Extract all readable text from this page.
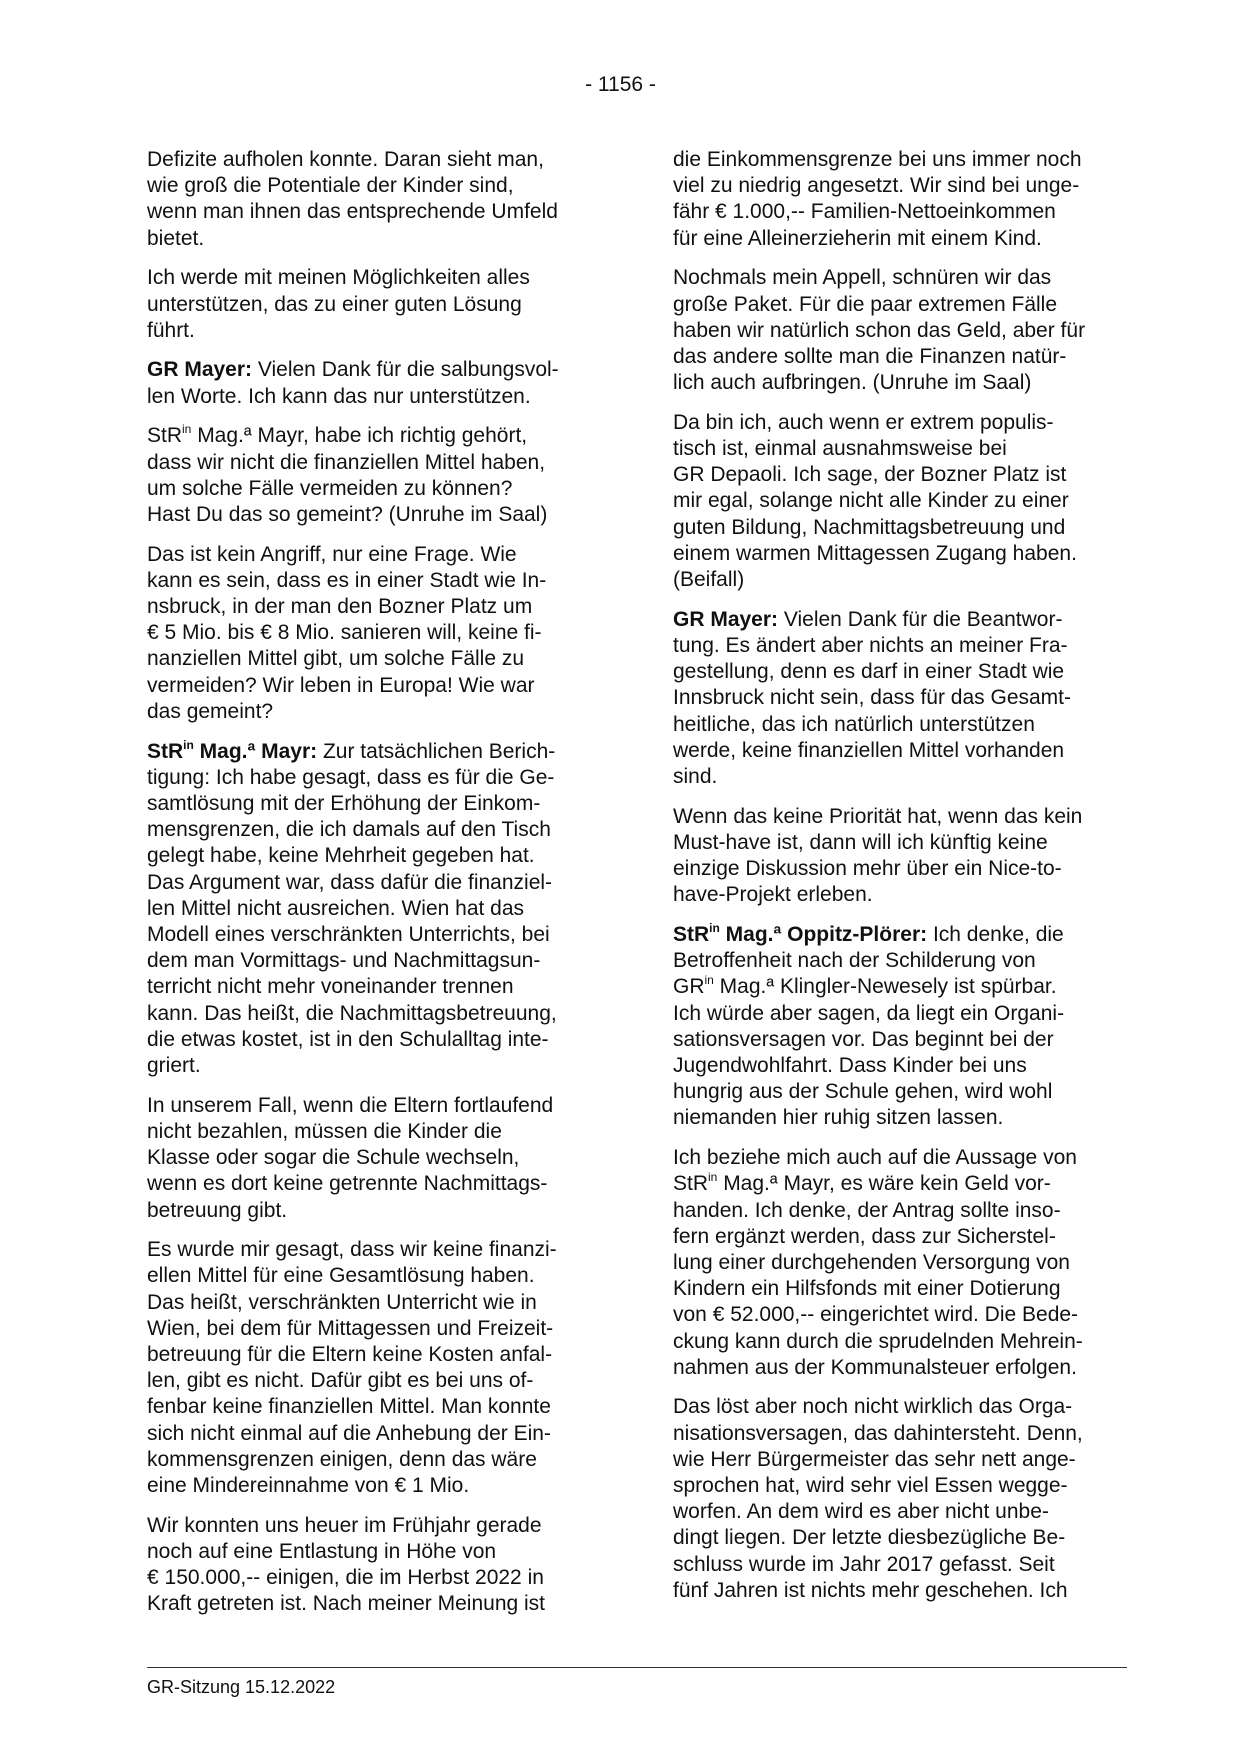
- 1156 -

Defizite aufholen konnte. Daran sieht man,
wie groß die Potentiale der Kinder sind,
wenn man ihnen das entsprechende Umfeld
bietet.

Ich werde mit meinen Möglichkeiten alles
unterstützen, das zu einer guten Lösung
führt.

GR Mayer: Vielen Dank für die salbungsvol-
len Worte. Ich kann das nur unterstützen.

StR$^{in}$ Mag.ª Mayr, habe ich richtig gehört,
dass wir nicht die finanziellen Mittel haben,
um solche Fälle vermeiden zu können?
Hast Du das so gemeint? (Unruhe im Saal)

Das ist kein Angriff, nur eine Frage. Wie
kann es sein, dass es in einer Stadt wie In-
nsbruck, in der man den Bozner Platz um
€ 5 Mio. bis € 8 Mio. sanieren will, keine fi-
nanziellen Mittel gibt, um solche Fälle zu
vermeiden? Wir leben in Europa! Wie war
das gemeint?

StR$^{in}$ Mag.ª Mayr: Zur tatsächlichen Berich-
tigung: Ich habe gesagt, dass es für die Ge-
samtlösung mit der Erhöhung der Einkom-
mensgrenzen, die ich damals auf den Tisch
gelegt habe, keine Mehrheit gegeben hat.
Das Argument war, dass dafür die finanziel-
len Mittel nicht ausreichen. Wien hat das
Modell eines verschränkten Unterrichts, bei
dem man Vormittags- und Nachmittagsun-
terricht nicht mehr voneinander trennen
kann. Das heißt, die Nachmittagsbetreuung,
die etwas kostet, ist in den Schulalltag inte-
griert.

In unserem Fall, wenn die Eltern fortlaufend
nicht bezahlen, müssen die Kinder die
Klasse oder sogar die Schule wechseln,
wenn es dort keine getrennte Nachmittags-
betreuung gibt.

Es wurde mir gesagt, dass wir keine finanzi-
ellen Mittel für eine Gesamtlösung haben.
Das heißt, verschränkten Unterricht wie in
Wien, bei dem für Mittagessen und Freizeit-
betreuung für die Eltern keine Kosten anfal-
len, gibt es nicht. Dafür gibt es bei uns of-
fenbar keine finanziellen Mittel. Man konnte
sich nicht einmal auf die Anhebung der Ein-
kommensgrenzen einigen, denn das wäre
eine Mindereinnahme von € 1 Mio.

Wir konnten uns heuer im Frühjahr gerade
noch auf eine Entlastung in Höhe von
€ 150.000,-- einigen, die im Herbst 2022 in
Kraft getreten ist. Nach meiner Meinung ist

die Einkommensgrenze bei uns immer noch
viel zu niedrig angesetzt. Wir sind bei unge-
fähr € 1.000,-- Familien-Nettoeinkommen
für eine Alleinerzieherin mit einem Kind.

Nochmals mein Appell, schnüren wir das
große Paket. Für die paar extremen Fälle
haben wir natürlich schon das Geld, aber für
das andere sollte man die Finanzen natür-
lich auch aufbringen. (Unruhe im Saal)

Da bin ich, auch wenn er extrem populis-
tisch ist, einmal ausnahmsweise bei
GR Depaoli. Ich sage, der Bozner Platz ist
mir egal, solange nicht alle Kinder zu einer
guten Bildung, Nachmittagsbetreuung und
einem warmen Mittagessen Zugang haben.
(Beifall)

GR Mayer: Vielen Dank für die Beantwor-
tung. Es ändert aber nichts an meiner Fra-
gestellung, denn es darf in einer Stadt wie
Innsbruck nicht sein, dass für das Gesamt-
heitliche, das ich natürlich unterstützen
werde, keine finanziellen Mittel vorhanden
sind.

Wenn das keine Priorität hat, wenn das kein
Must-have ist, dann will ich künftig keine
einzige Diskussion mehr über ein Nice-to-
have-Projekt erleben.

StR$^{in}$ Mag.ª Oppitz-Plörer: Ich denke, die
Betroffenheit nach der Schilderung von
$GR^{in}$ Mag.ª Klingler-Newesely ist spürbar.
Ich würde aber sagen, da liegt ein Organi-
sationsversagen vor. Das beginnt bei der
Jugendwohlfahrt. Dass Kinder bei uns
hungrig aus der Schule gehen, wird wohl
niemanden hier ruhig sitzen lassen.

Ich beziehe mich auch auf die Aussage von
StR$^{in}$ Mag.ª Mayr, es wäre kein Geld vor-
handen. Ich denke, der Antrag sollte inso-
fern ergänzt werden, dass zur Sicherstel-
lung einer durchgehenden Versorgung von
Kindern ein Hilfsfonds mit einer Dotierung
von € 52.000,-- eingerichtet wird. Die Bede-
ckung kann durch die sprudelnden Mehrein-
nahmen aus der Kommunalsteuer erfolgen.

Das löst aber noch nicht wirklich das Orga-
nisationsversagen, das dahintersteht. Denn,
wie Herr Bürgermeister das sehr nett ange-
sprochen hat, wird sehr viel Essen wegge-
worfen. An dem wird es aber nicht unbe-
dingt liegen. Der letzte diesbezügliche Be-
schluss wurde im Jahr 2017 gefasst. Seit
fünf Jahren ist nichts mehr geschehen. Ich

GR-Sitzung 15.12.2022
